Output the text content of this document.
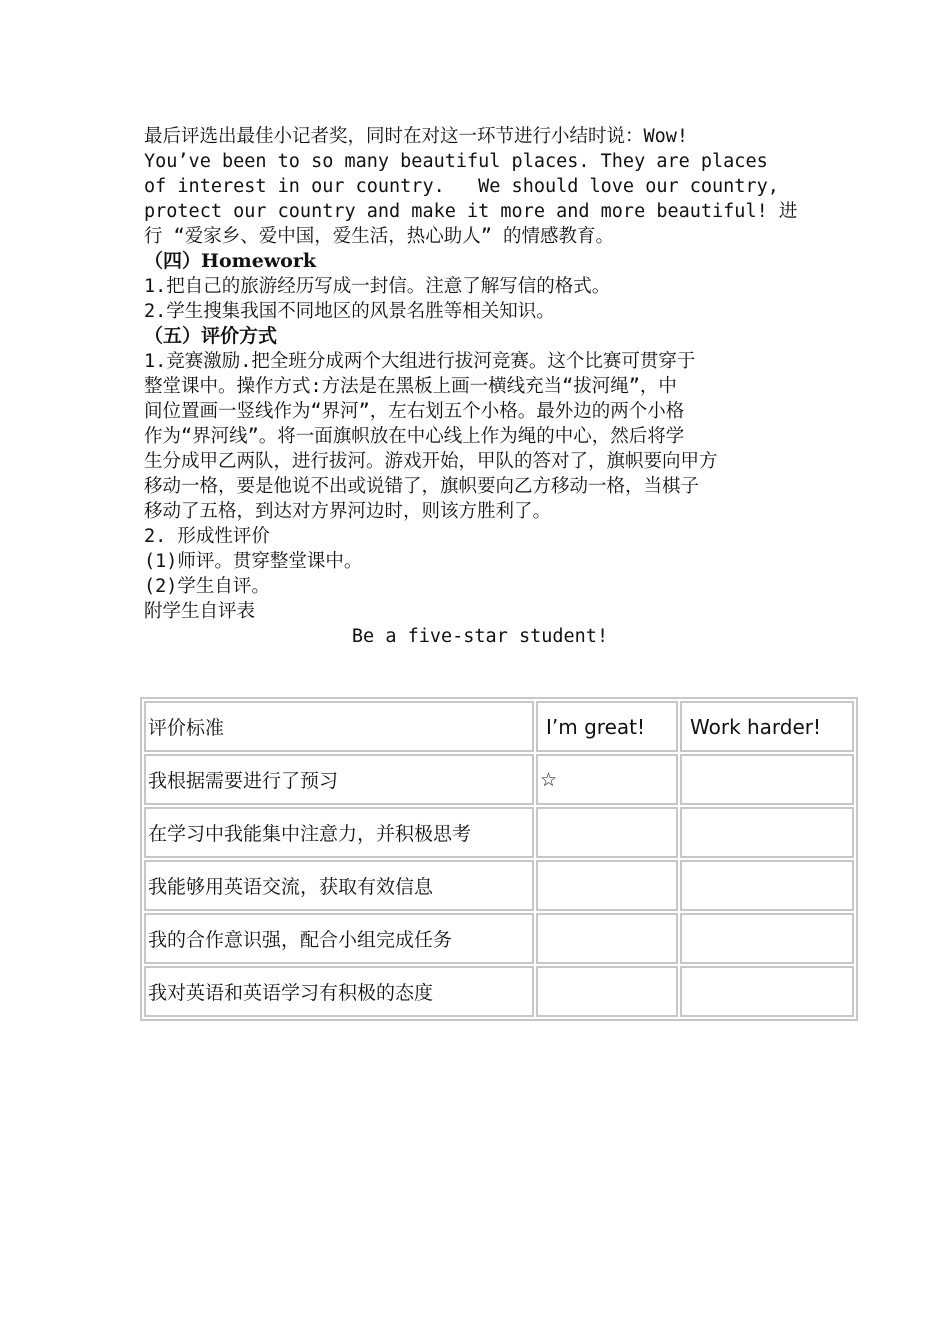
最后评选出最佳小记者奖，同时在对这一环节进行小结时说：Wow!
You’ve been to so many beautiful places. They are places
of interest in our country.   We should love our country,
protect our country and make it more and more beautiful! 进
行 “爱家乡、爱中国，爱生活，热心助人” 的情感教育。
（四）Homework
1.把自己的旅游经历写成一封信。注意了解写信的格式。
2.学生搜集我国不同地区的风景名胜等相关知识。
（五）评价方式
1.竞赛激励.把全班分成两个大组进行拔河竞赛。这个比赛可贯穿于
整堂课中。操作方式:方法是在黑板上画一横线充当“拔河绳”，中
间位置画一竖线作为“界河”，左右划五个小格。最外边的两个小格
作为“界河线”。将一面旗帜放在中心线上作为绳的中心，然后将学
生分成甲乙两队，进行拔河。游戏开始，甲队的答对了，旗帜要向甲方
移动一格，要是他说不出或说错了，旗帜要向乙方移动一格，当棋子
移动了五格，到达对方界河边时，则该方胜利了。
2. 形成性评价
(1)师评。贯穿整堂课中。
(2)学生自评。
附学生自评表
Be a five-star student!
评价标准	I’m great!	Work harder!
我根据需要进行了预习	☆	
在学习中我能集中注意力，并积极思考		
我能够用英语交流，获取有效信息		
我的合作意识强，配合小组完成任务		
我对英语和英语学习有积极的态度		
